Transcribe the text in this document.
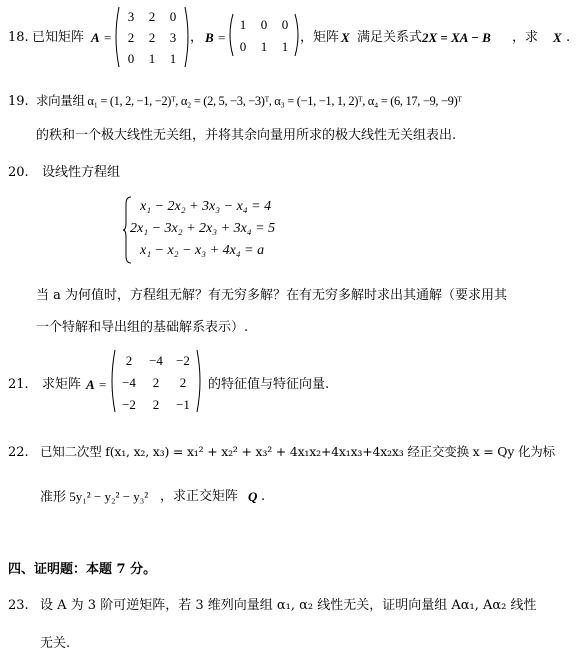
18. 已知矩阵 A =
3	2	0
2	2	3
0	1	1
， B =
1	0	0
0	1	1
，矩阵 X 满足关系式 2X = XA − B ，求 X .
19. 求向量组 α₁ = (1, 2, −1, −2)ᵀ, α₂ = (2, 5, −3, −3)ᵀ, α₃ = (−1, −1, 1, 2)ᵀ, α₄ = (6, 17, −9, −9)ᵀ
的秩和一个极大线性无关组，并将其余向量用所求的极大线性无关组表出.
20. 设线性方程组
x₁ − 2x₂ + 3x₃ − x₄ = 4
2x₁ − 3x₂ + 2x₃ + 3x₄ = 5
x₁ − x₂ − x₃ + 4x₄ = a
当 a 为何值时，方程组无解？有无穷多解？在有无穷多解时求出其通解（要求用其
一个特解和导出组的基础解系表示）.
21. 求矩阵 A =
2	−4	−2
−4	2	2
−2	2	−1
的特征值与特征向量.
22. 已知二次型 f(x₁, x₂, x₃) = x₁² + x₂² + x₃² + 4x₁x₂+4x₁x₃+4x₂x₃ 经正交变换 x = Qy 化为标
准形 5y₁² − y₂² − y₃² ，求正交矩阵 Q .
四、证明题：本题 7 分。
23. 设 A 为 3 阶可逆矩阵，若 3 维列向量组 α₁, α₂ 线性无关，证明向量组 Aα₁, Aα₂ 线性
无关.
